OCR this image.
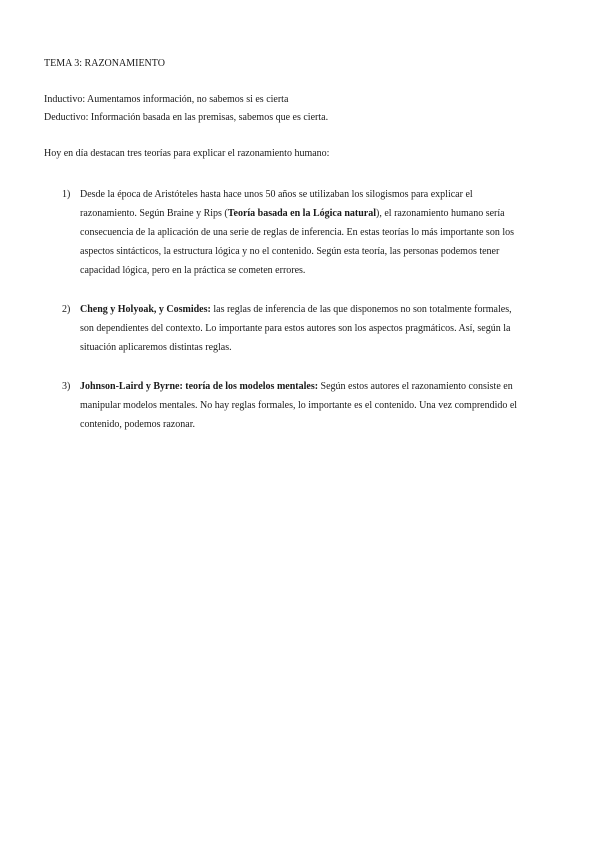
TEMA 3: RAZONAMIENTO

Inductivo: Aumentamos información, no sabemos si es cierta

Deductivo: Información basada en las premisas, sabemos que es cierta.

Hoy en día destacan tres teorías para explicar el razonamiento humano:

1) Desde la época de Aristóteles hasta hace unos 50 años se utilizaban los silogismos para explicar el razonamiento. Según Braine y Rips (Teoría basada en la Lógica natural), el razonamiento humano sería consecuencia de la aplicación de una serie de reglas de inferencia. En estas teorías lo más importante son los aspectos sintácticos, la estructura lógica y no el contenido. Según esta teoría, las personas podemos tener capacidad lógica, pero en la práctica se cometen errores.
2) Cheng y Holyoak, y Cosmides: las reglas de inferencia de las que disponemos no son totalmente formales, son dependientes del contexto. Lo importante para estos autores son los aspectos pragmáticos. Así, según la situación aplicaremos distintas reglas.
3) Johnson-Laird y Byrne: teoría de los modelos mentales: Según estos autores el razonamiento consiste en manipular modelos mentales. No hay reglas formales, lo importante es el contenido. Una vez comprendido el contenido, podemos razonar.
